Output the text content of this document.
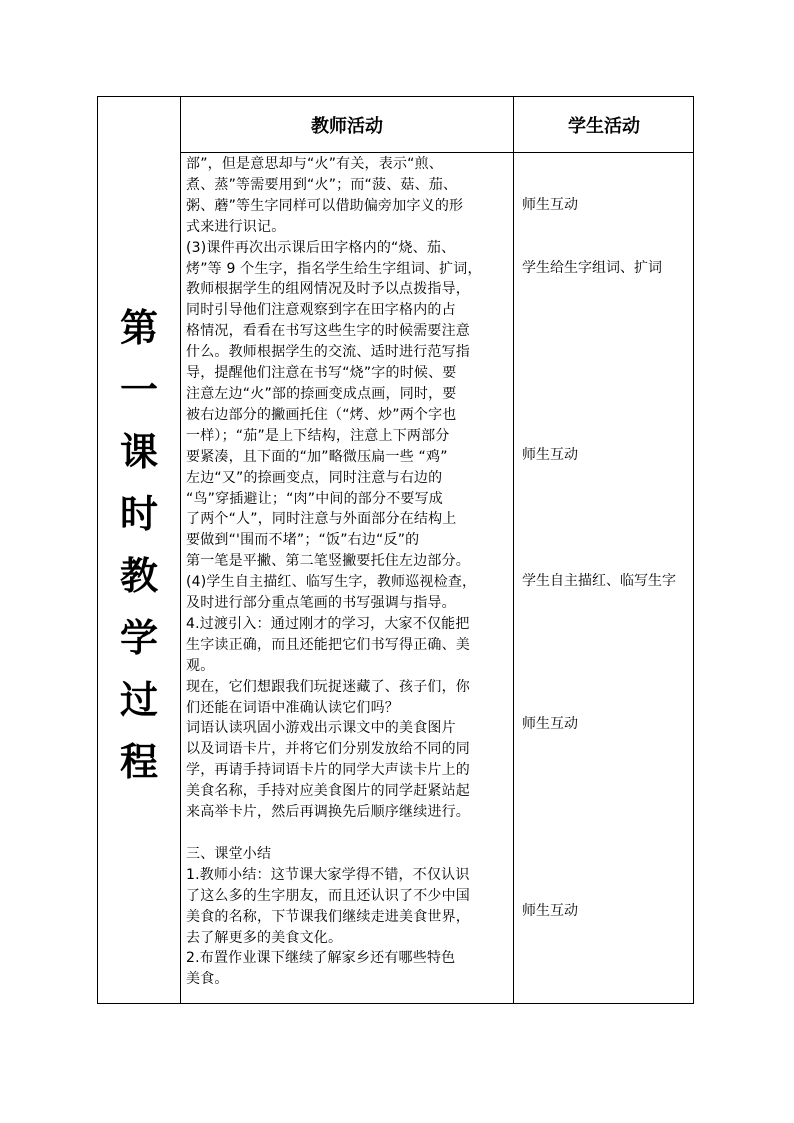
教师活动	学生活动
第
一
课
时
教
学
过
程

部”，但是意思却与“火”有关，表示“煎、

煮、蒸”等需要用到“火”；而“菠、菇、茄、

粥、蘑”等生字同样可以借助偏旁加字义的形

式来进行识记。

(3)课件再次出示课后田字格内的“烧、茄、

烤”等 9 个生字，指名学生给生字组词、扩词，

教师根据学生的组网情况及时予以点拨指导，

同时引导他们注意观察到字在田字格内的占

格情况，看看在书写这些生字的时候需要注意

什么。教师根据学生的交流、适时进行范写指

导，提醒他们注意在书写“烧”字的时候、要

注意左边“火”部的捺画变成点画，同时，要

被右边部分的撇画托住（“烤、炒”两个字也

一样）；“茄”是上下结构，注意上下两部分

要紧凑，且下面的“加”略微压扁一些 “鸡”

左边“又”的捺画变点，同时注意与右边的

“鸟”穿插避让；“肉”中间的部分不要写成

了两个“人”，同时注意与外面部分在结构上

要做到“'围而不堵”；“饭”右边“反”的

第一笔是平撇、第二笔竖撇要托住左边部分。

(4)学生自主描红、临写生字，教师巡视检查，

及时进行部分重点笔画的书写强调与指导。

4.过渡引入：通过刚才的学习，大家不仅能把

生字读正确，而且还能把它们书写得正确、美

观。

现在，它们想跟我们玩捉迷藏了、孩子们，你

们还能在词语中准确认读它们吗？

词语认读巩固小游戏出示课文中的美食图片

以及词语卡片，并将它们分别发放给不同的同

学，再请手持词语卡片的同学大声读卡片上的

美食名称，手持对应美食图片的同学赶紧站起

来高举卡片，然后再调换先后顺序继续进行。

三、课堂小结

1.教师小结：这节课大家学得不错，不仅认识

了这么多的生字朋友，而且还认识了不少中国

美食的名称，下节课我们继续走进美食世界，

去了解更多的美食文化。

2.布置作业课下继续了解家乡还有哪些特色

美食。

师生互动
学生给生字组词、扩词
师生互动
学生自主描红、临写生字
师生互动
师生互动
